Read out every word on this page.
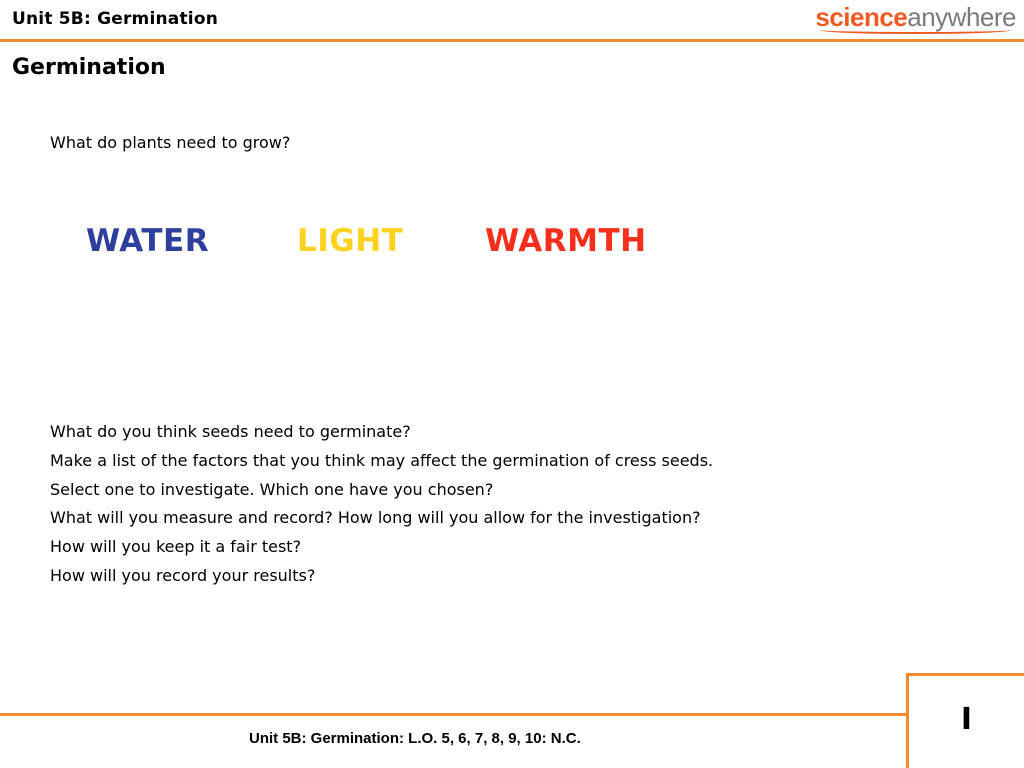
Unit 5B: Germination	scienceanywhere
Germination
What do plants need to grow?
WATER	LIGHT	WARMTH
What do you think seeds need to germinate?
Make a list of the factors that you think may affect the germination of cress seeds.
Select one to investigate. Which one have you chosen?
What will you measure and record? How long will you allow for the investigation?
How will you keep it a fair test?
How will you record your results?
Unit 5B: Germination: L.O. 5, 6, 7, 8, 9, 10: N.C.
I
